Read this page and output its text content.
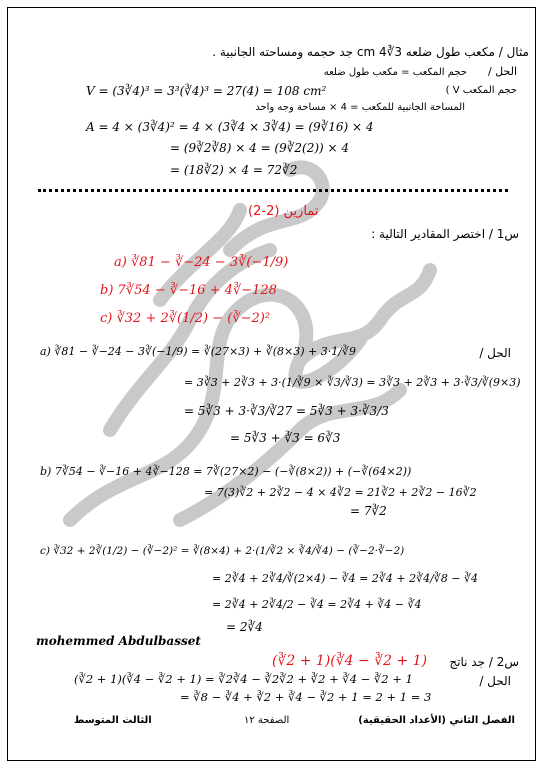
مثال / مكعب طول ضلعه 3∛4 cm جد حجمه ومساحته الجانبية .
الحل /
حجم المكعب = مكعب طول ضلعه
( V حجم المكعب
V = (3∛4)³ = 3³(∛4)³ = 27(4) = 108 cm²
المساحة الجانبية للمكعب = 4 × مساحة وجه واحد
A = 4 × (3∛4)² = 4 × (3∛4 × 3∛4) = (9∛16) × 4
= (9∛2∛8) × 4 = (9∛2(2)) × 4
= (18∛2) × 4 = 72∛2
تمارين (2-2)
س1 / اختصر المقادير التالية :
a) ∛81 − ∛−24 − 3∛(−1/9)
b) 7∛54 − ∛−16 + 4∛−128
c) ∛32 + 2∛(1/2) − (∛−2)²
الحل /
a) ∛81 − ∛−24 − 3∛(−1/9) = ∛(27×3) + ∛(8×3) + 3·1/∛9
= 3∛3 + 2∛3 + 3·(1/∛9 × ∛3/∛3) = 3∛3 + 2∛3 + 3·∛3/∛(9×3)
= 5∛3 + 3·∛3/∛27 = 5∛3 + 3·∛3/3
= 5∛3 + ∛3 = 6∛3
b) 7∛54 − ∛−16 + 4∛−128 = 7∛(27×2) − (−∛(8×2)) + (−∛(64×2))
= 7(3)∛2 + 2∛2 − 4 × 4∛2 = 21∛2 + 2∛2 − 16∛2
= 7∛2
c) ∛32 + 2∛(1/2) − (∛−2)² = ∛(8×4) + 2·(1/∛2 × ∛4/∛4) − (∛−2·∛−2)
= 2∛4 + 2∛4/∛(2×4) − ∛4 = 2∛4 + 2∛4/∛8 − ∛4
= 2∛4 + 2∛4/2 − ∛4 = 2∛4 + ∛4 − ∛4
= 2∛4
mohemmed Abdulbasset
س2 / جد ناتج
(∛2 + 1)(∛4 − ∛2 + 1)
الحل /
(∛2 + 1)(∛4 − ∛2 + 1) = ∛2∛4 − ∛2∛2 + ∛2 + ∛4 − ∛2 + 1
= ∛8 − ∛4 + ∛2 + ∛4 − ∛2 + 1 = 2 + 1 = 3
الفصل الثاني (الأعداد الحقيقية)
الصفحة ١٢
الثالث المتوسط
